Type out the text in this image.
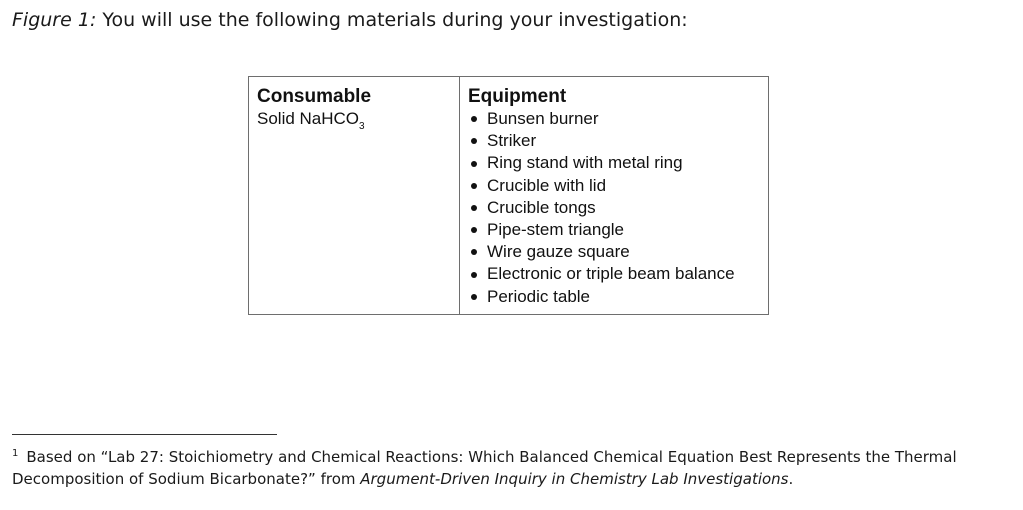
Figure 1: You will use the following materials during your investigation:
Consumable
Solid NaHCO$_3$
Equipment
Bunsen burner
Striker
Ring stand with metal ring
Crucible with lid
Crucible tongs
Pipe-stem triangle
Wire gauze square
Electronic or triple beam balance
Periodic table
$^1$ Based on “Lab 27: Stoichiometry and Chemical Reactions: Which Balanced Chemical Equation Best Represents the Thermal Decomposition of Sodium Bicarbonate?” from Argument-Driven Inquiry in Chemistry Lab Investigations.
